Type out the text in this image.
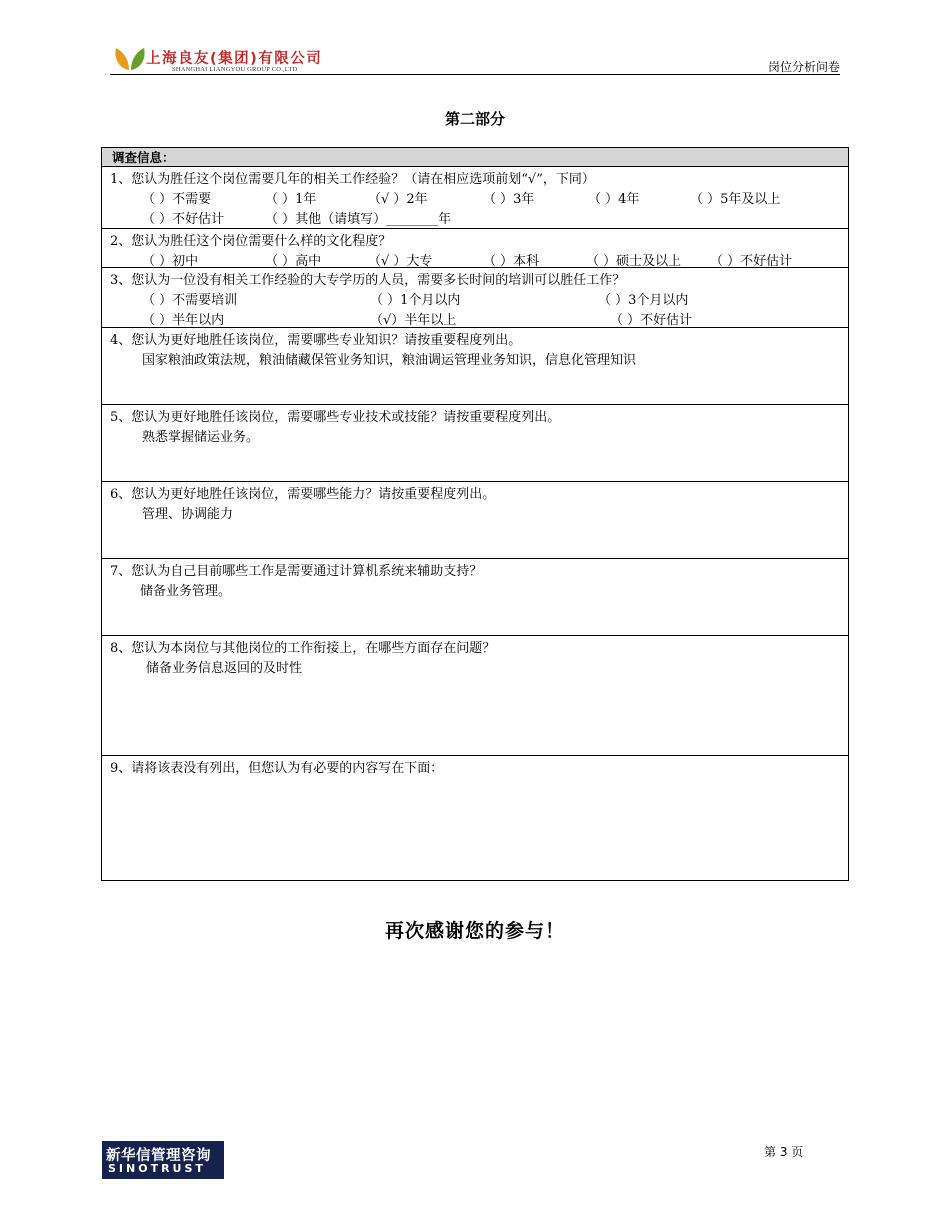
上海良友(集团)有限公司
SHANGHAI LIANGYOU GROUP CO.,LTD	岗位分析问卷
第二部分
调查信息：
1、您认为胜任这个岗位需要几年的相关工作经验？（请在相应选项前划“√”，下同）
（ ）不需要	（ ）1年	（√ ）2年	（ ）3年	（ ）4年	（ ）5年及以上
（ ）不好估计	（ ）其他（请填写）________年
2、您认为胜任这个岗位需要什么样的文化程度？
（ ）初中	（ ）高中	（√ ）大专	（ ）本科	（ ）硕士及以上 （ ）不好估计
3、您认为一位没有相关工作经验的大专学历的人员，需要多长时间的培训可以胜任工作？
（ ）不需要培训	（ ）1个月以内	（ ）3个月以内
（ ）半年以内	（√）半年以上	（ ）不好估计
4、您认为更好地胜任该岗位，需要哪些专业知识？请按重要程度列出。
国家粮油政策法规，粮油储藏保管业务知识，粮油调运管理业务知识，信息化管理知识
5、您认为更好地胜任该岗位，需要哪些专业技术或技能？请按重要程度列出。
熟悉掌握储运业务。
6、您认为更好地胜任该岗位，需要哪些能力？请按重要程度列出。
管理、协调能力
7、您认为自己目前哪些工作是需要通过计算机系统来辅助支持？
储备业务管理。
8、您认为本岗位与其他岗位的工作衔接上，在哪些方面存在问题？
储备业务信息返回的及时性
9、请将该表没有列出，但您认为有必要的内容写在下面：
再次感谢您的参与！
新华信管理咨询
SINOTRUST
第 3 页
